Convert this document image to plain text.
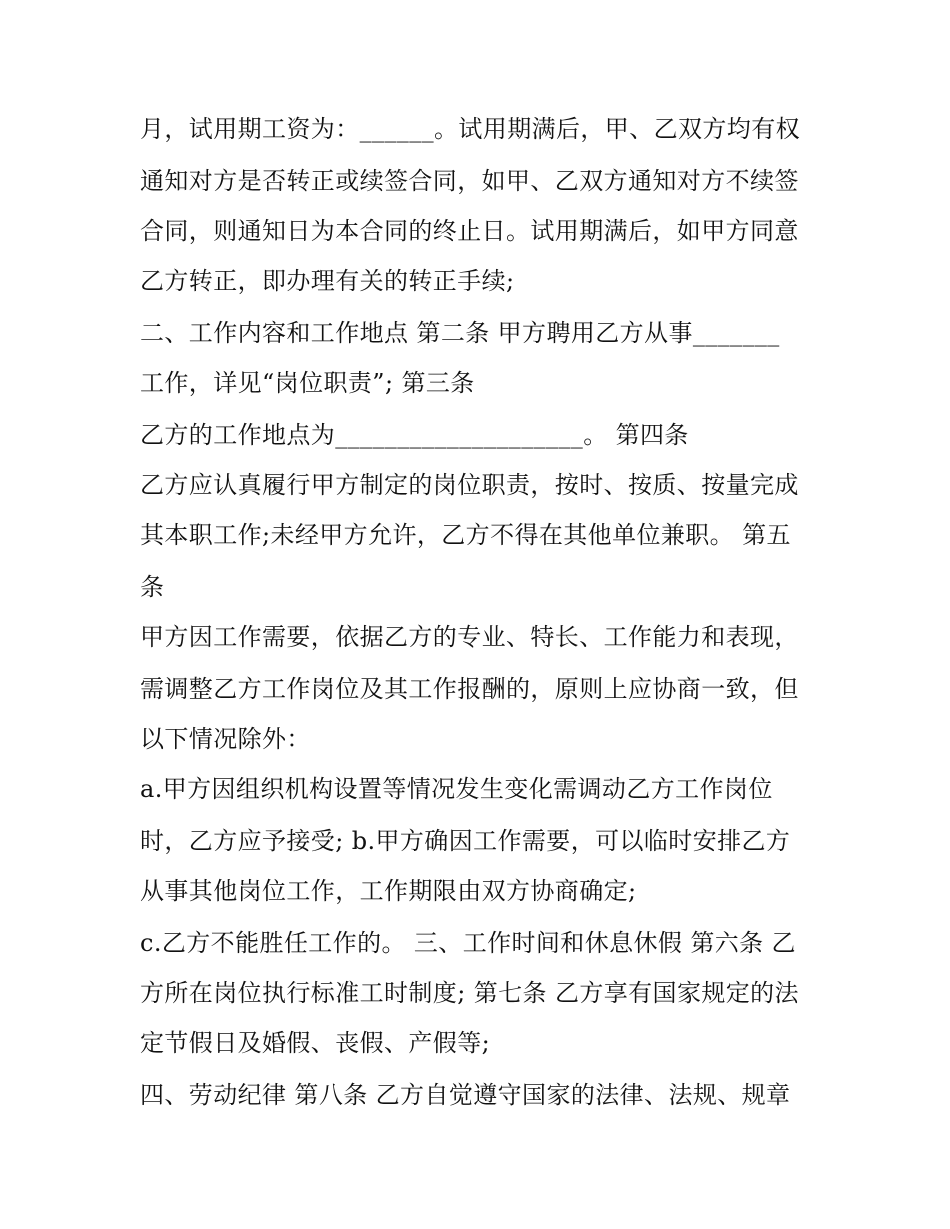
月，试用期工资为：______。试用期满后，甲、乙双方均有权
通知对方是否转正或续签合同，如甲、乙双方通知对方不续签
合同，则通知日为本合同的终止日。试用期满后，如甲方同意
乙方转正，即办理有关的转正手续;
二、工作内容和工作地点 第二条 甲方聘用乙方从事_______
工作，详见“岗位职责”; 第三条
乙方的工作地点为____________________。 第四条
乙方应认真履行甲方制定的岗位职责，按时、按质、按量完成
其本职工作;未经甲方允许，乙方不得在其他单位兼职。 第五
条
甲方因工作需要，依据乙方的专业、特长、工作能力和表现，
需调整乙方工作岗位及其工作报酬的，原则上应协商一致，但
以下情况除外：
a.甲方因组织机构设置等情况发生变化需调动乙方工作岗位
时，乙方应予接受; b.甲方确因工作需要，可以临时安排乙方
从事其他岗位工作，工作期限由双方协商确定;
c.乙方不能胜任工作的。 三、工作时间和休息休假 第六条 乙
方所在岗位执行标准工时制度; 第七条 乙方享有国家规定的法
定节假日及婚假、丧假、产假等;
四、劳动纪律 第八条 乙方自觉遵守国家的法律、法规、规章
